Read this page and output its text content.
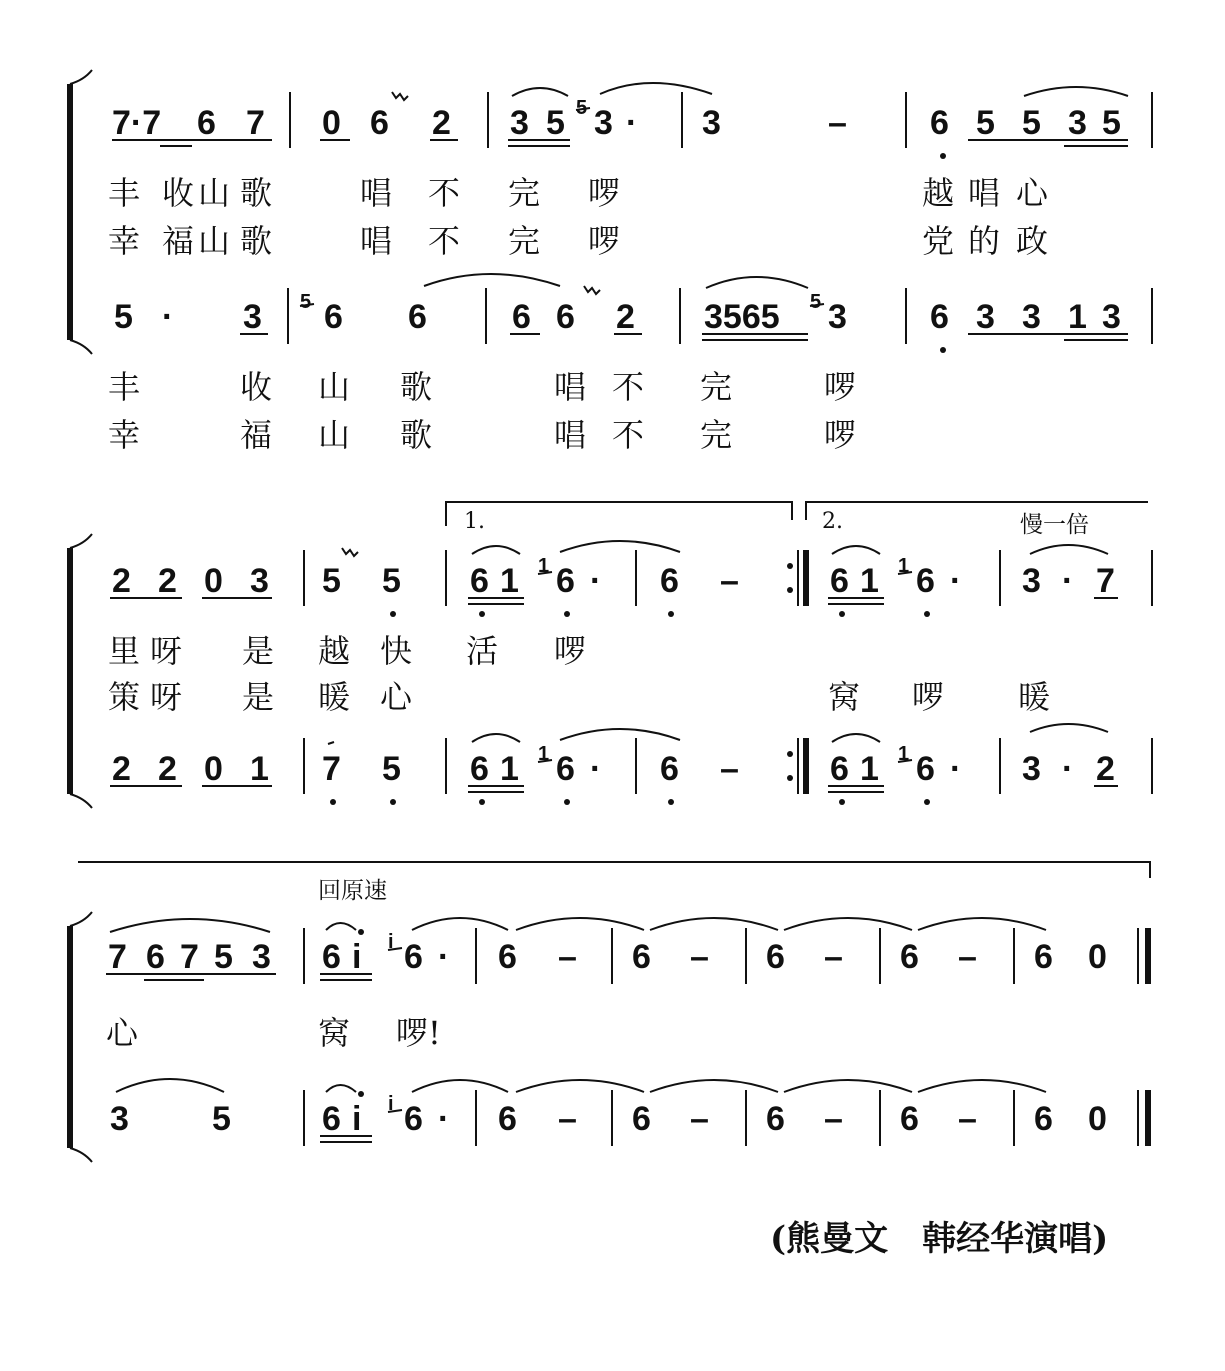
7·7 6 7 0 6 2 3 5 5 3 · 3	– 6 5 5 3 5
丰 收 山 歌	唱 不 完 啰	越 唱 心
幸 福 山 歌	唱 不 完 啰	党 的 政
5 · 3 5 6 6	6 6 2 3565 5 3 6 3 3 1 3
丰	收 山 歌	唱 不 完	啰
幸	福 山 歌	唱 不 完	啰
1.	2.	慢一倍
2 2 0 3 5 5 6 1 1 6 · 6 –	6 1 1 6 · 3 · 7
里 呀 是 越 快 活 啰
策 呀 是 暖 心	窝 啰 暖
2 2 0 1 7 5 6 1 1 6 · 6 –	6 1 1 6 · 3 · 2
回原速
7 6 7 5 3 6 i i 6 · 6 – 6 – 6 – 6 – 6 0
心	窝 啰!
3 5	6 i i 6 · 6 – 6 – 6 – 6 – 6 0
(熊曼文　韩经华演唱)
